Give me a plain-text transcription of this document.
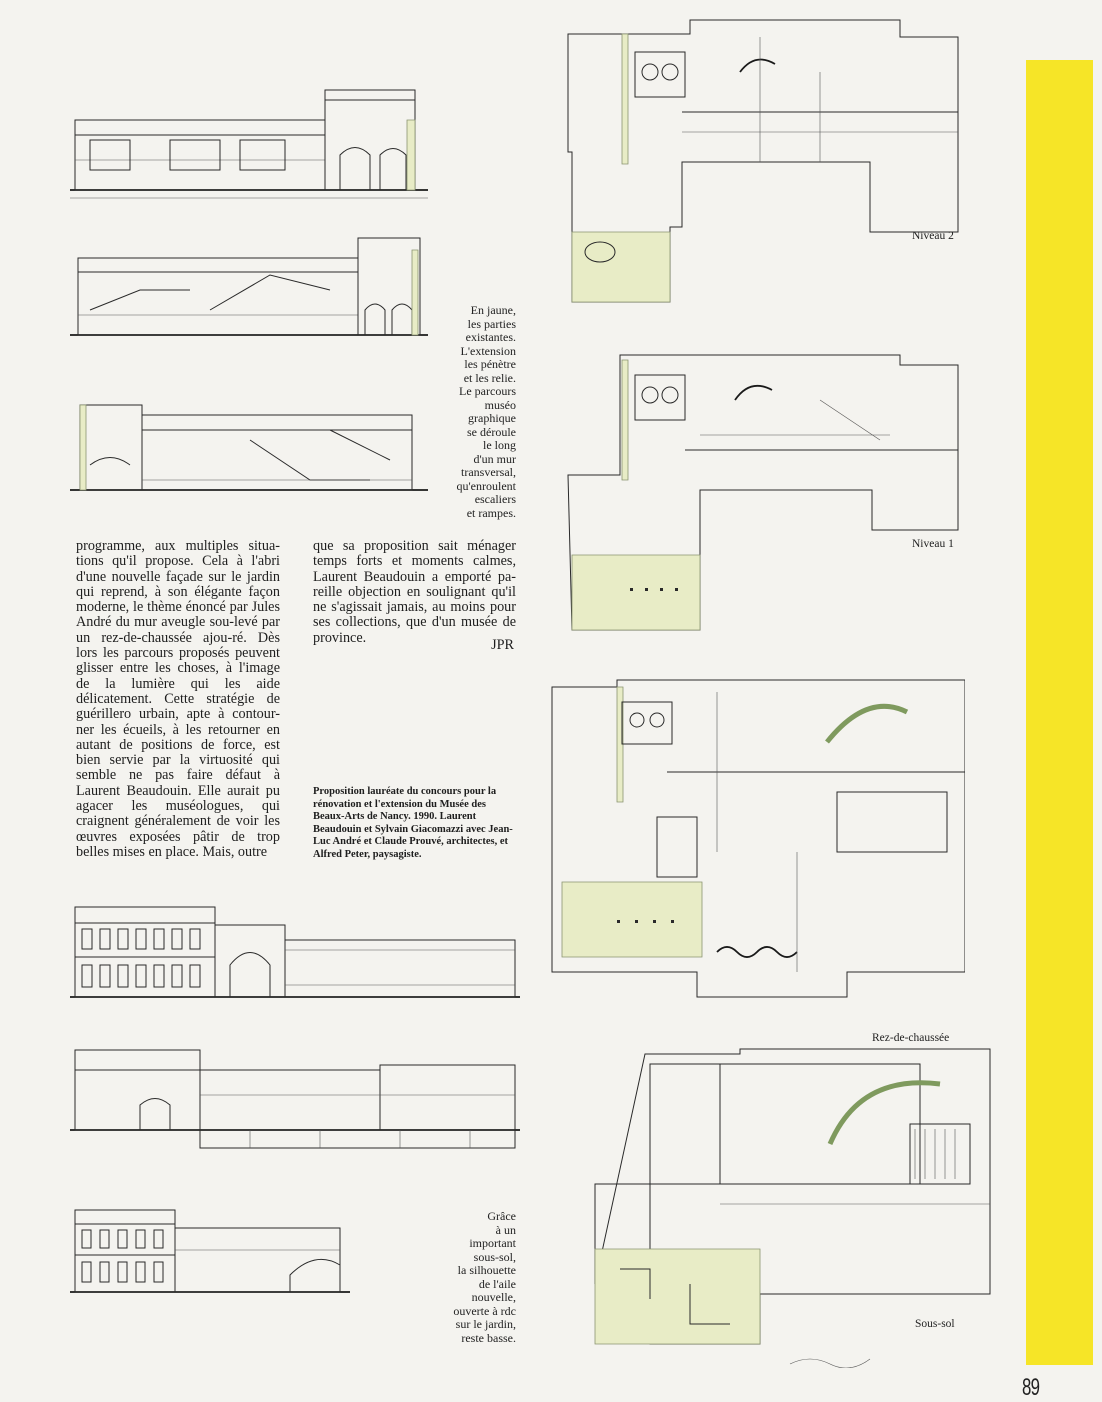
En jaune,
les parties
existantes.
L'extension
les pénètre
et les relie.
Le parcours
muséo
graphique
se déroule
le long
d'un mur
transversal,
qu'enroulent
escaliers
et rampes.

programme, aux multiples situa-tions qu'il propose. Cela à l'abri d'une nouvelle façade sur le jardin qui reprend, à son élégante façon moderne, le thème énoncé par Jules André du mur aveugle sou-levé par un rez-de-chaussée ajou-ré. Dès lors les parcours proposés peuvent glisser entre les choses, à l'image de la lumière qui les aide délicatement. Cette stratégie de guérillero urbain, apte à contour-ner les écueils, à les retourner en autant de positions de force, est bien servie par la virtuosité qui semble ne pas faire défaut à Laurent Beaudouin. Elle aurait pu agacer les muséologues, qui craignent généralement de voir les œuvres exposées pâtir de trop belles mises en place. Mais, outre

que sa proposition sait ménager temps forts et moments calmes, Laurent Beaudouin a emporté pa-reille objection en soulignant qu'il ne s'agissait jamais, au moins pour ses collections, que d'un musée de province.	JPR
Proposition lauréate du concours pour la rénovation et l'extension du Musée des Beaux-Arts de Nancy. 1990. Laurent Beaudouin et Sylvain Giacomazzi avec Jean-Luc André et Claude Prouvé, architectes, et Alfred Peter, paysagiste.
Grâce
à un
important
sous-sol,
la silhouette
de l'aile
nouvelle,
ouverte à rdc
sur le jardin,
reste basse.
Niveau 2
Niveau 1
Rez-de-chaussée
Sous-sol
89
